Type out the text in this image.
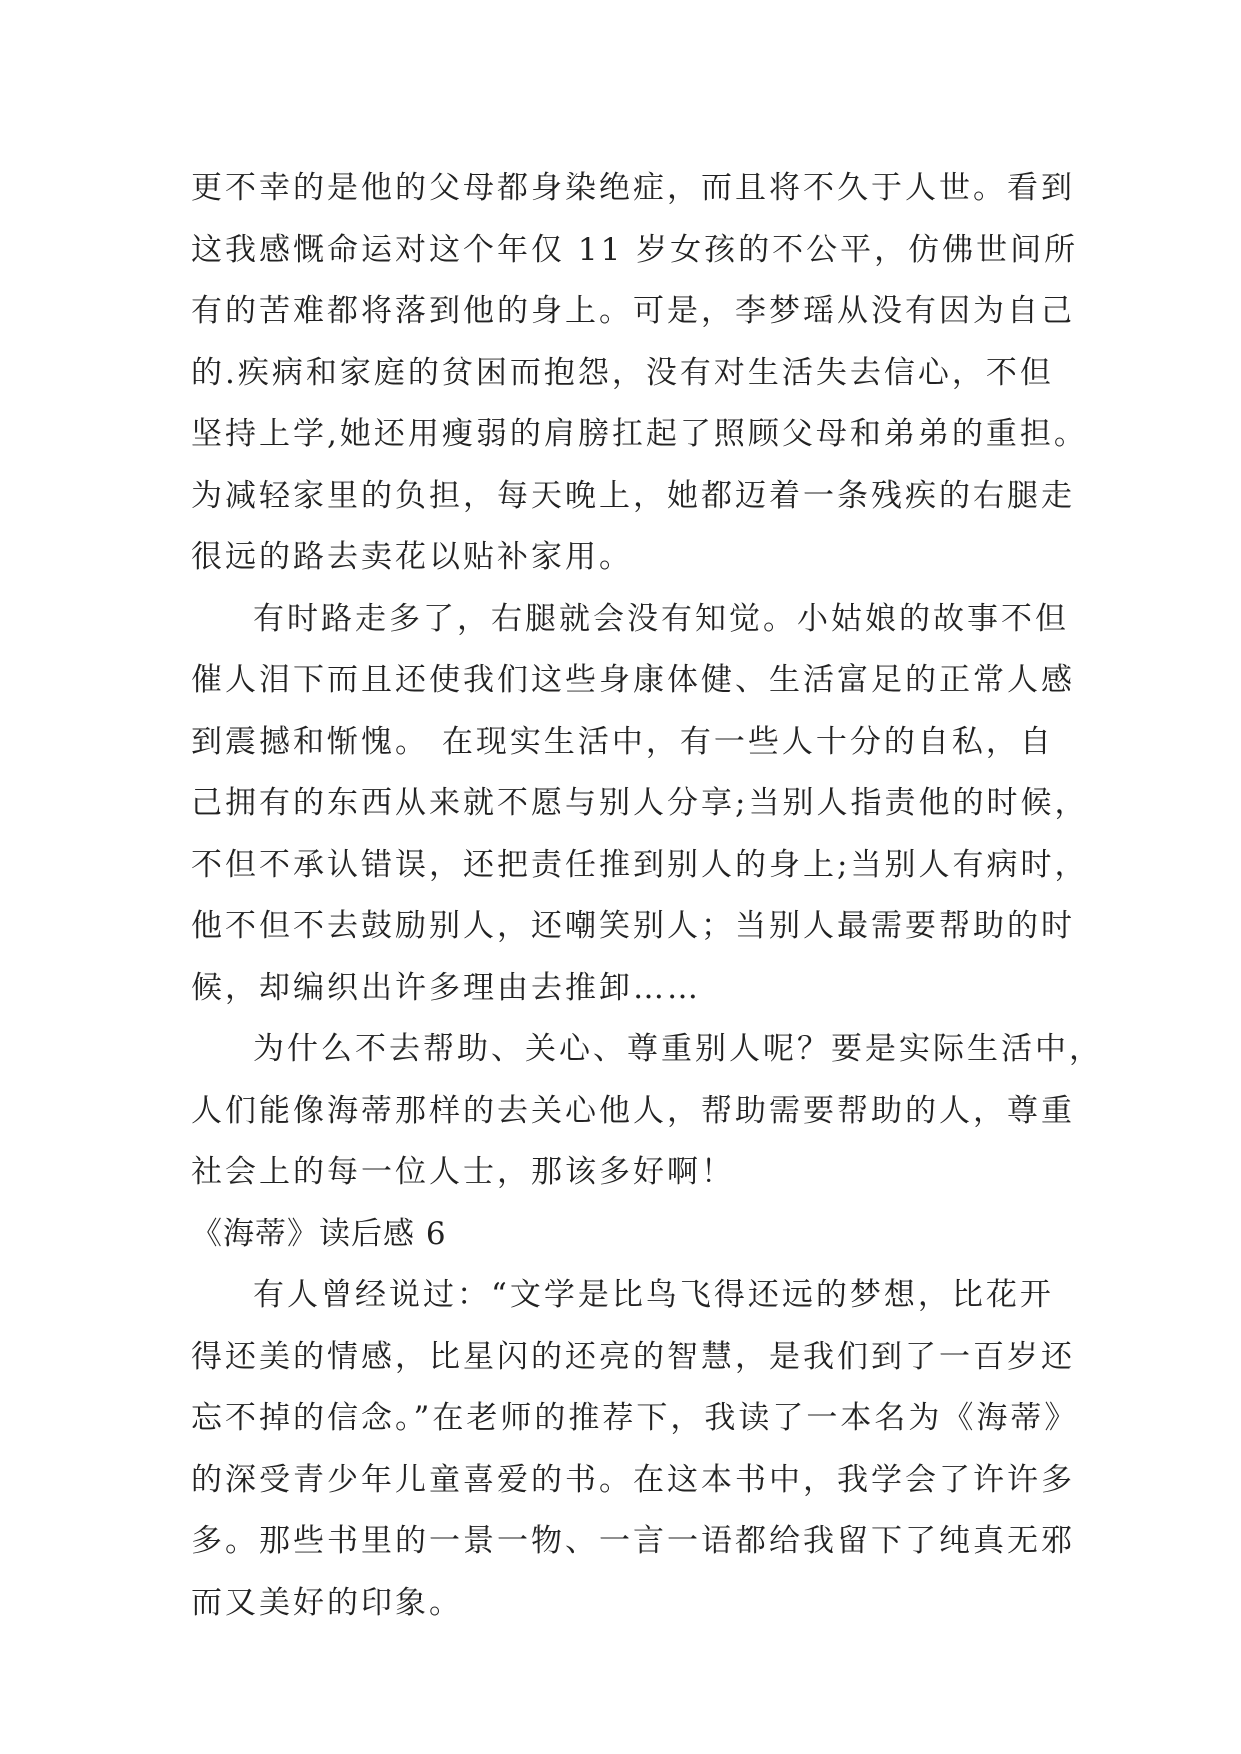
更不幸的是他的父母都身染绝症，而且将不久于人世。看到
这我感慨命运对这个年仅 11 岁女孩的不公平，仿佛世间所
有的苦难都将落到他的身上。可是，李梦瑶从没有因为自己
的.疾病和家庭的贫困而抱怨，没有对生活失去信心，不但
坚持上学,她还用瘦弱的肩膀扛起了照顾父母和弟弟的重担。
为减轻家里的负担，每天晚上，她都迈着一条残疾的右腿走
很远的路去卖花以贴补家用。

有时路走多了，右腿就会没有知觉。小姑娘的故事不但
催人泪下而且还使我们这些身康体健、生活富足的正常人感
到震撼和惭愧。 在现实生活中，有一些人十分的自私，自
己拥有的东西从来就不愿与别人分享;当别人指责他的时候，
不但不承认错误，还把责任推到别人的身上;当别人有病时，
他不但不去鼓励别人，还嘲笑别人；当别人最需要帮助的时
候，却编织出许多理由去推卸……

为什么不去帮助、关心、尊重别人呢？要是实际生活中，
人们能像海蒂那样的去关心他人，帮助需要帮助的人，尊重
社会上的每一位人士，那该多好啊！

《海蒂》读后感 6

有人曾经说过：“文学是比鸟飞得还远的梦想，比花开
得还美的情感，比星闪的还亮的智慧，是我们到了一百岁还
忘不掉的信念。”在老师的推荐下，我读了一本名为《海蒂》
的深受青少年儿童喜爱的书。在这本书中，我学会了许许多
多。那些书里的一景一物、一言一语都给我留下了纯真无邪
而又美好的印象。
